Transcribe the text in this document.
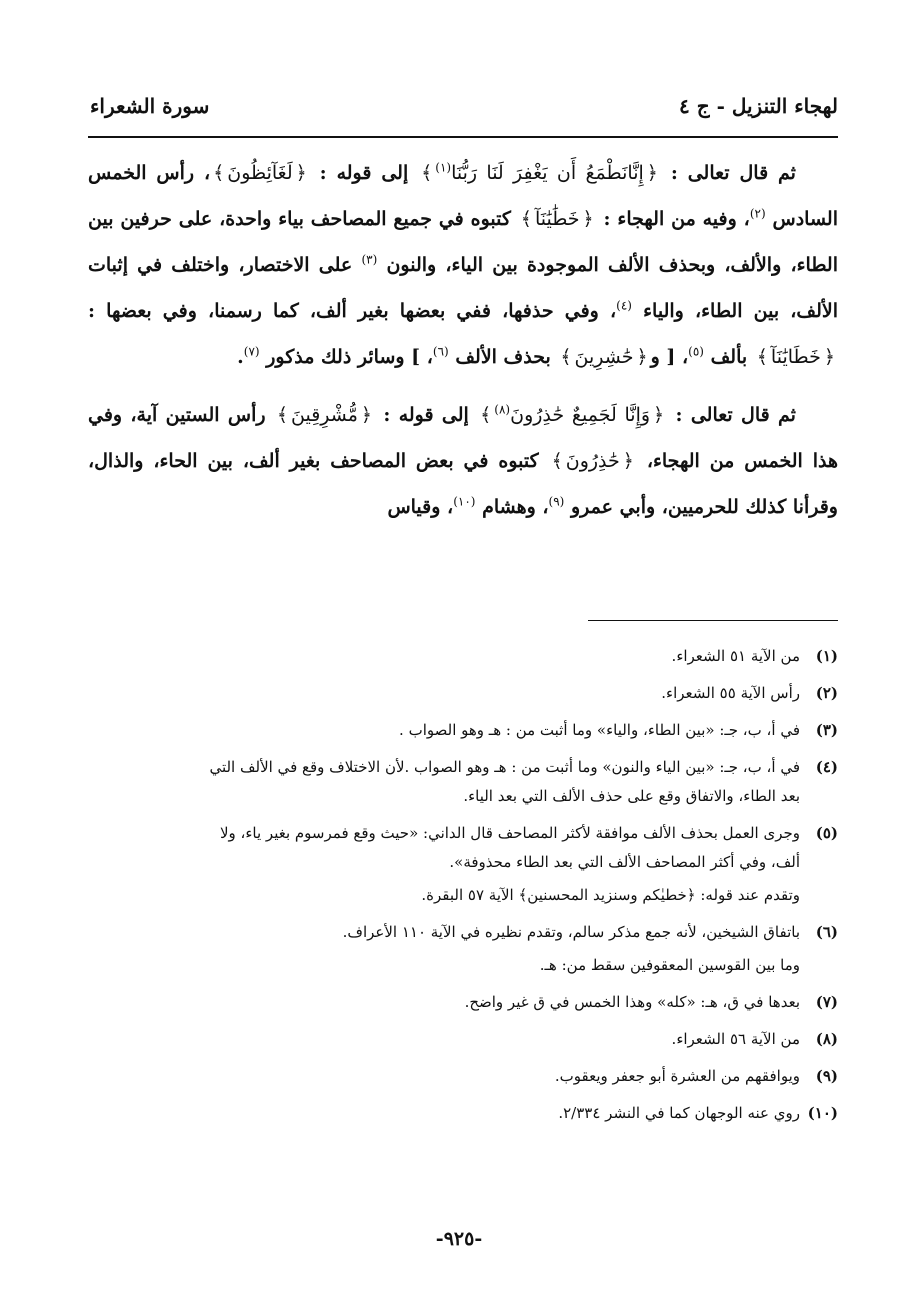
لهجاء التنزيل - ج ٤
سورة الشعراء

ثم قال تعالى : ﴿إِنَّانَطْمَعُ أَن يَغْفِرَ لَنَا رَبُّنَا$^{(١)}$﴾ إلى قوله : ﴿لَغَآئِظُونَ﴾، رأس الخمس السادس $^{(٢)}$، وفيه من الهجاء : ﴿خَطَٰيَٰنَآ﴾ كتبوه في جميع المصاحف بياء واحدة، على حرفين بين الطاء، والألف، وبحذف الألف الموجودة بين الياء، والنون $^{(٣)}$ على الاختصار، واختلف في إثبات الألف، بين الطاء، والياء $^{(٤)}$، وفي حذفها، ففي بعضها بغير ألف، كما رسمنا، وفي بعضها : ﴿خَطَايَٰنَآ﴾ بألف $^{(٥)}$، [ و﴿حَٰشِرِينَ﴾ بحذف الألف $^{(٦)}$، ] وسائر ذلك مذكور $^{(٧)}$.

ثم قال تعالى : ﴿وَإِنَّا لَجَمِيعٌ حَٰذِرُونَ$^{(٨)}$﴾ إلى قوله : ﴿مُّشْرِقِينَ﴾ رأس الستين آية، وفي هذا الخمس من الهجاء، ﴿حَٰذِرُونَ﴾ كتبوه في بعض المصاحف بغير ألف، بين الحاء، والذال، وقرأنا كذلك للحرميين، وأبي عمرو $^{(٩)}$، وهشام $^{(١٠)}$، وقياس

(١)
من الآية ٥١ الشعراء.
(٢)
رأس الآية ٥٥ الشعراء.
(٣)
في أ، ب، جـ: «بين الطاء، والياء» وما أثبت من : هـ وهو الصواب .
(٤)
في أ، ب، جـ: «بين الياء والنون» وما أثبت من : هـ وهو الصواب .لأن الاختلاف وقع في الألف التي
بعد الطاء، والاتفاق وقع على حذف الألف التي بعد الياء.
(٥)
وجرى العمل بحذف الألف موافقة لأكثر المصاحف قال الداني: «حيث وقع فمرسوم بغير ياء، ولا
ألف، وفي أكثر المصاحف الألف التي بعد الطاء محذوفة».
وتقدم عند قوله: ﴿خطيٰكم وسنزيد المحسنين﴾ الآية ٥٧ البقرة.
(٦)
باتفاق الشيخين، لأنه جمع مذكر سالم، وتقدم نظيره في الآية ١١٠ الأعراف.
وما بين القوسين المعقوفين سقط من: هـ.
(٧)
بعدها في ق، هـ: «كله» وهذا الخمس في ق غير واضح.
(٨)
من الآية ٥٦ الشعراء.
(٩)
ويوافقهم من العشرة أبو جعفر ويعقوب.
(١٠)
روي عنه الوجهان كما في النشر ٢/٣٣٤.
-٩٢٥-
